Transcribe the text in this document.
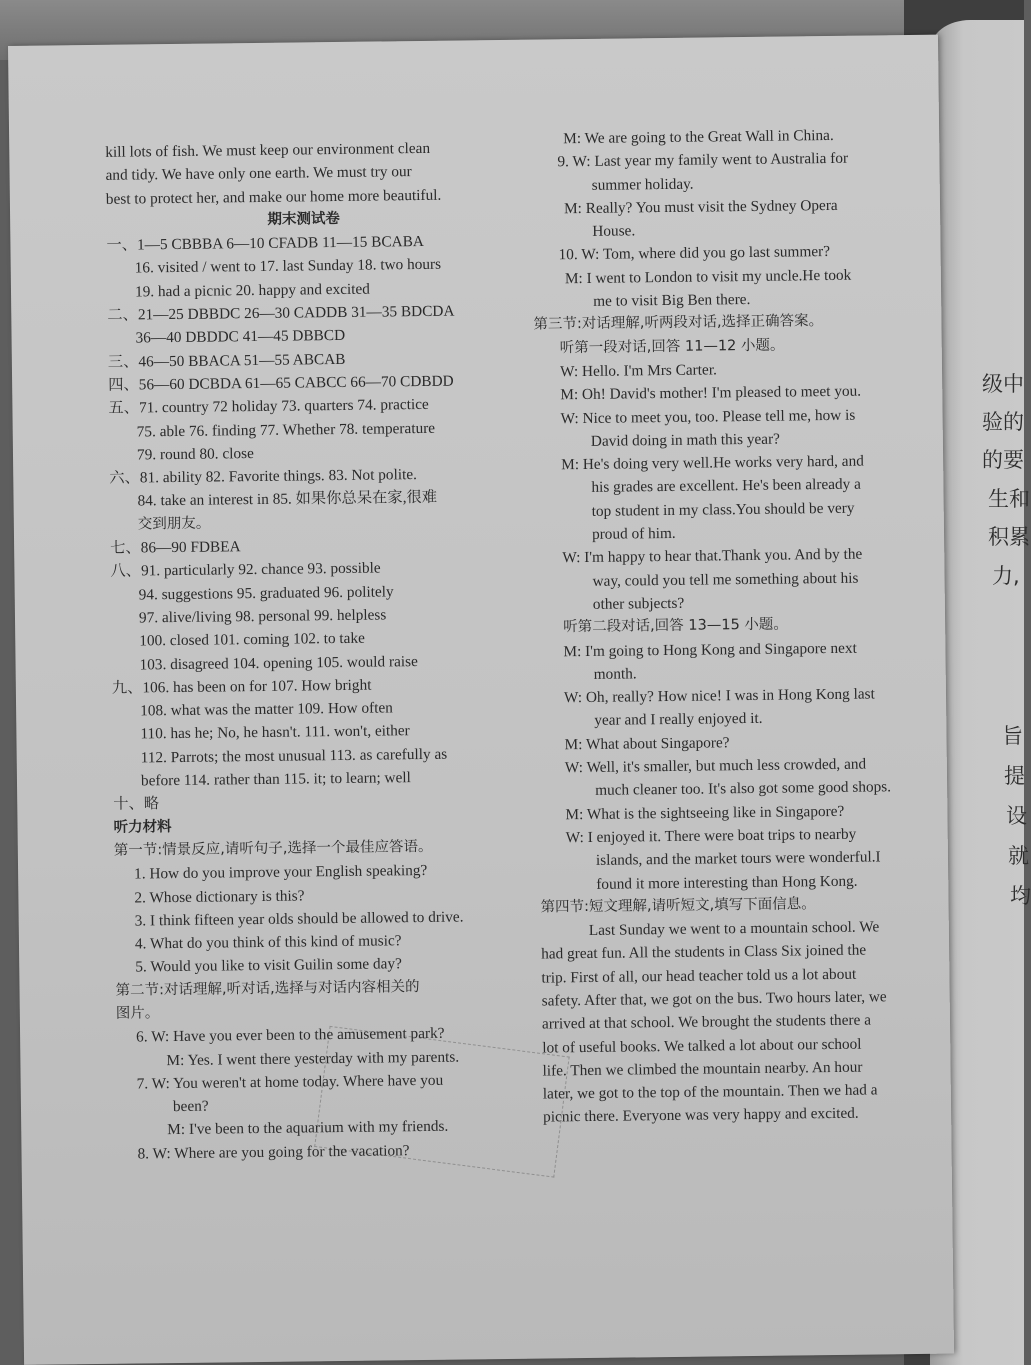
级中
验的
的要
生和
积累
力,
旨
提
设
就
均
kill lots of fish. We must keep our environment clean
and tidy. We have only one earth. We must try our
best to protect her, and make our home more beautiful.
期末测试卷
一、1—5 CBBBA 6—10 CFADB 11—15 BCABA
16. visited / went to 17. last Sunday 18. two hours
19. had a picnic 20. happy and excited
二、21—25 DBBDC 26—30 CADDB 31—35 BDCDA
36—40 DBDDC 41—45 DBBCD
三、46—50 BBACA 51—55 ABCAB
四、56—60 DCBDA 61—65 CABCC 66—70 CDBDD
五、71. country 72 holiday 73. quarters 74. practice
75. able 76. finding 77. Whether 78. temperature
79. round 80. close
六、81. ability 82. Favorite things. 83. Not polite.
84. take an interest in 85. 如果你总呆在家,很难
交到朋友。
七、86—90 FDBEA
八、91. particularly 92. chance 93. possible
94. suggestions 95. graduated 96. politely
97. alive/living 98. personal 99. helpless
100. closed 101. coming 102. to take
103. disagreed 104. opening 105. would raise
九、106. has been on for 107. How bright
108. what was the matter 109. How often
110. has he; No, he hasn't. 111. won't, either
112. Parrots; the most unusual 113. as carefully as
before 114. rather than 115. it; to learn; well
十、略
听力材料
第一节:情景反应,请听句子,选择一个最佳应答语。
1. How do you improve your English speaking?
2. Whose dictionary is this?
3. I think fifteen year olds should be allowed to drive.
4. What do you think of this kind of music?
5. Would you like to visit Guilin some day?
第二节:对话理解,听对话,选择与对话内容相关的
图片。
6. W: Have you ever been to the amusement park?
M: Yes. I went there yesterday with my parents.
7. W: You weren't at home today. Where have you
been?
M: I've been to the aquarium with my friends.
8. W: Where are you going for the vacation?
M: We are going to the Great Wall in China.
9. W: Last year my family went to Australia for
summer holiday.
M: Really? You must visit the Sydney Opera
House.
10. W: Tom, where did you go last summer?
M: I went to London to visit my uncle.He took
me to visit Big Ben there.
第三节:对话理解,听两段对话,选择正确答案。
听第一段对话,回答 11—12 小题。
W: Hello. I'm Mrs Carter.
M: Oh! David's mother! I'm pleased to meet you.
W: Nice to meet you, too. Please tell me, how is
David doing in math this year?
M: He's doing very well.He works very hard, and
his grades are excellent. He's been already a
top student in my class.You should be very
proud of him.
W: I'm happy to hear that.Thank you. And by the
way, could you tell me something about his
other subjects?
听第二段对话,回答 13—15 小题。
M: I'm going to Hong Kong and Singapore next
month.
W: Oh, really? How nice! I was in Hong Kong last
year and I really enjoyed it.
M: What about Singapore?
W: Well, it's smaller, but much less crowded, and
much cleaner too. It's also got some good shops.
M: What is the sightseeing like in Singapore?
W: I enjoyed it. There were boat trips to nearby
islands, and the market tours were wonderful.I
found it more interesting than Hong Kong.
第四节:短文理解,请听短文,填写下面信息。
Last Sunday we went to a mountain school. We
had great fun. All the students in Class Six joined the
trip. First of all, our head teacher told us a lot about
safety. After that, we got on the bus. Two hours later, we
arrived at that school. We brought the students there a
lot of useful books. We talked a lot about our school
life. Then we climbed the mountain nearby. An hour
later, we got to the top of the mountain. Then we had a
picnic there. Everyone was very happy and excited.
